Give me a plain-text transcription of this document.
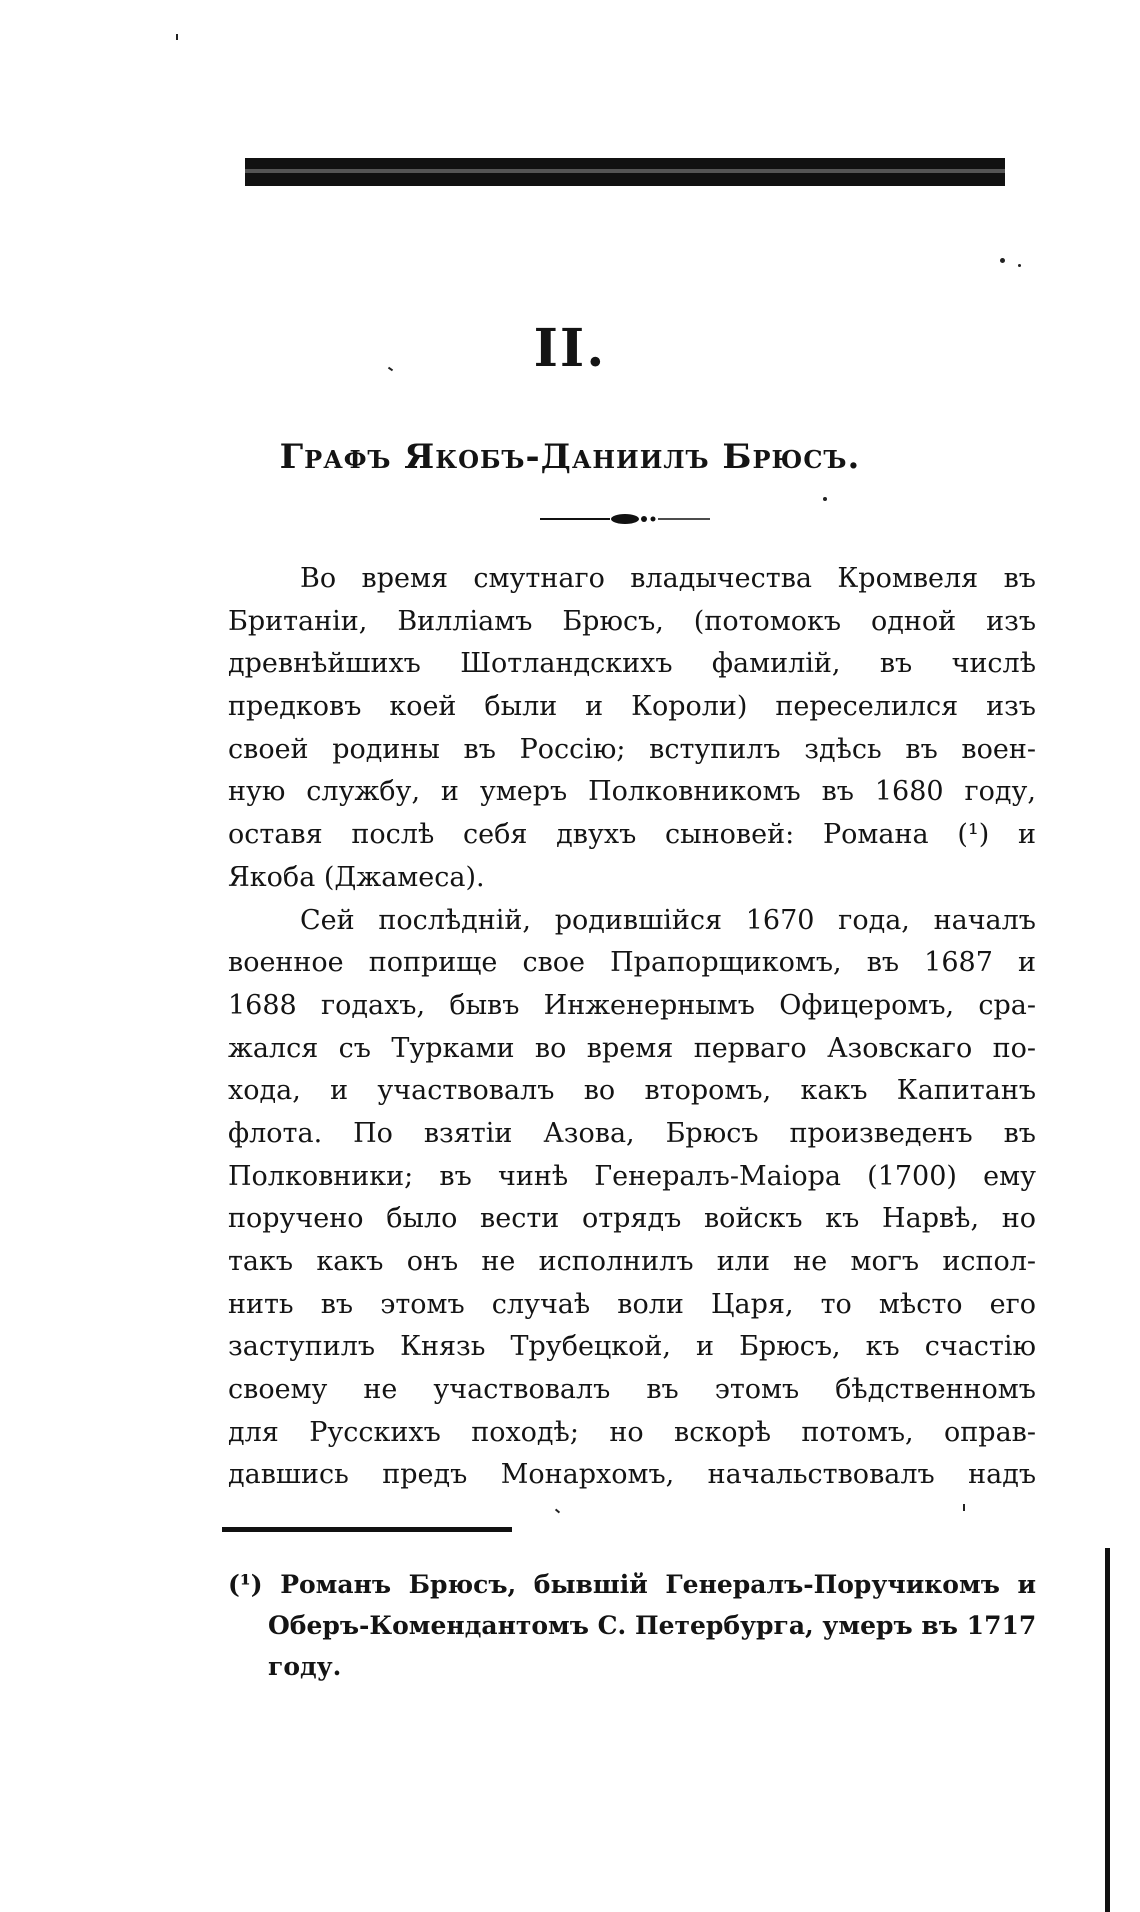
II.
Графъ Якобъ-Даниилъ Брюсъ.
Во время смутнаго владычества Кромвеля въ
Британіи, Вилліамъ Брюсъ, (потомокъ одной изъ
древнѣйшихъ Шотландскихъ фамилій, въ числѣ
предковъ коей были и Короли) переселился изъ
своей родины въ Россію; вступилъ здѣсь въ воен-
ную службу, и умеръ Полковникомъ въ 1680 году,
оставя послѣ себя двухъ сыновей: Романа (¹) и
Якоба (Джамеса).
Сей послѣдній, родившійся 1670 года, началъ
военное поприще свое Прапорщикомъ, въ 1687 и
1688 годахъ, бывъ Инженернымъ Офицеромъ, сра-
жался съ Турками во время перваго Азовскаго по-
хода, и участвовалъ во второмъ, какъ Капитанъ
флота. По взятіи Азова, Брюсъ произведенъ въ
Полковники; въ чинѣ Генералъ-Маіора (1700) ему
поручено было вести отрядъ войскъ къ Нарвѣ, но
такъ какъ онъ не исполнилъ или не могъ испол-
нить въ этомъ случаѣ воли Царя, то мѣсто его
заступилъ Князь Трубецкой, и Брюсъ, къ счастію
своему не участвовалъ въ этомъ бѣдственномъ
для Русскихъ походѣ; но вскорѣ потомъ, оправ-
давшись предъ Монархомъ, начальствовалъ надъ
(¹) Романъ Брюсъ, бывшій Генералъ-Поручикомъ и
Оберъ-Комендантомъ С. Петербурга, умеръ въ 1717
году.
